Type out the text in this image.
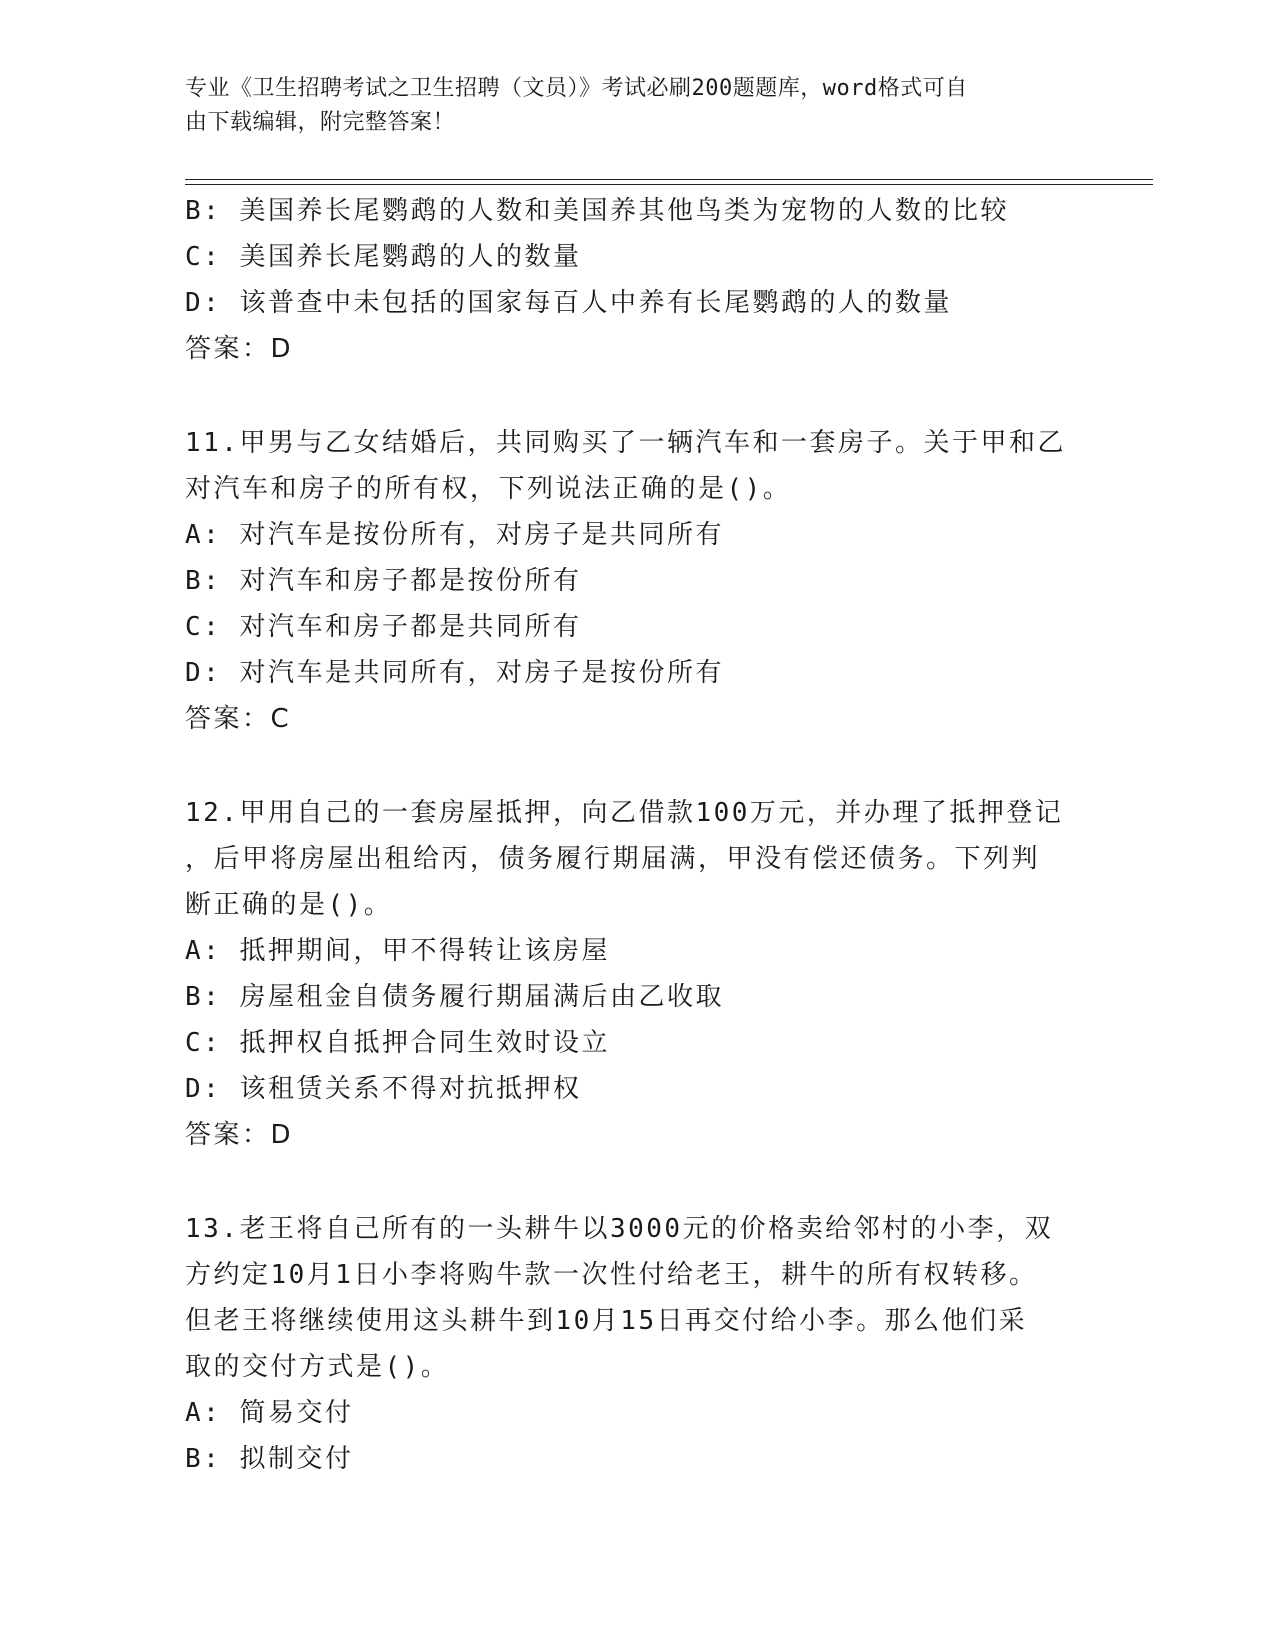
专业《卫生招聘考试之卫生招聘（文员）》考试必刷200题题库，word格式可自
由下载编辑，附完整答案！
B: 美国养长尾鹦鹉的人数和美国养其他鸟类为宠物的人数的比较
C: 美国养长尾鹦鹉的人的数量
D: 该普查中未包括的国家每百人中养有长尾鹦鹉的人的数量
答案：D
11.甲男与乙女结婚后，共同购买了一辆汽车和一套房子。关于甲和乙
对汽车和房子的所有权，下列说法正确的是()。
A: 对汽车是按份所有，对房子是共同所有
B: 对汽车和房子都是按份所有
C: 对汽车和房子都是共同所有
D: 对汽车是共同所有，对房子是按份所有
答案：C
12.甲用自己的一套房屋抵押，向乙借款100万元，并办理了抵押登记
，后甲将房屋出租给丙，债务履行期届满，甲没有偿还债务。下列判
断正确的是()。
A: 抵押期间，甲不得转让该房屋
B: 房屋租金自债务履行期届满后由乙收取
C: 抵押权自抵押合同生效时设立
D: 该租赁关系不得对抗抵押权
答案：D
13.老王将自己所有的一头耕牛以3000元的价格卖给邻村的小李，双
方约定10月1日小李将购牛款一次性付给老王，耕牛的所有权转移。
但老王将继续使用这头耕牛到10月15日再交付给小李。那么他们采
取的交付方式是()。
A: 简易交付
B: 拟制交付
